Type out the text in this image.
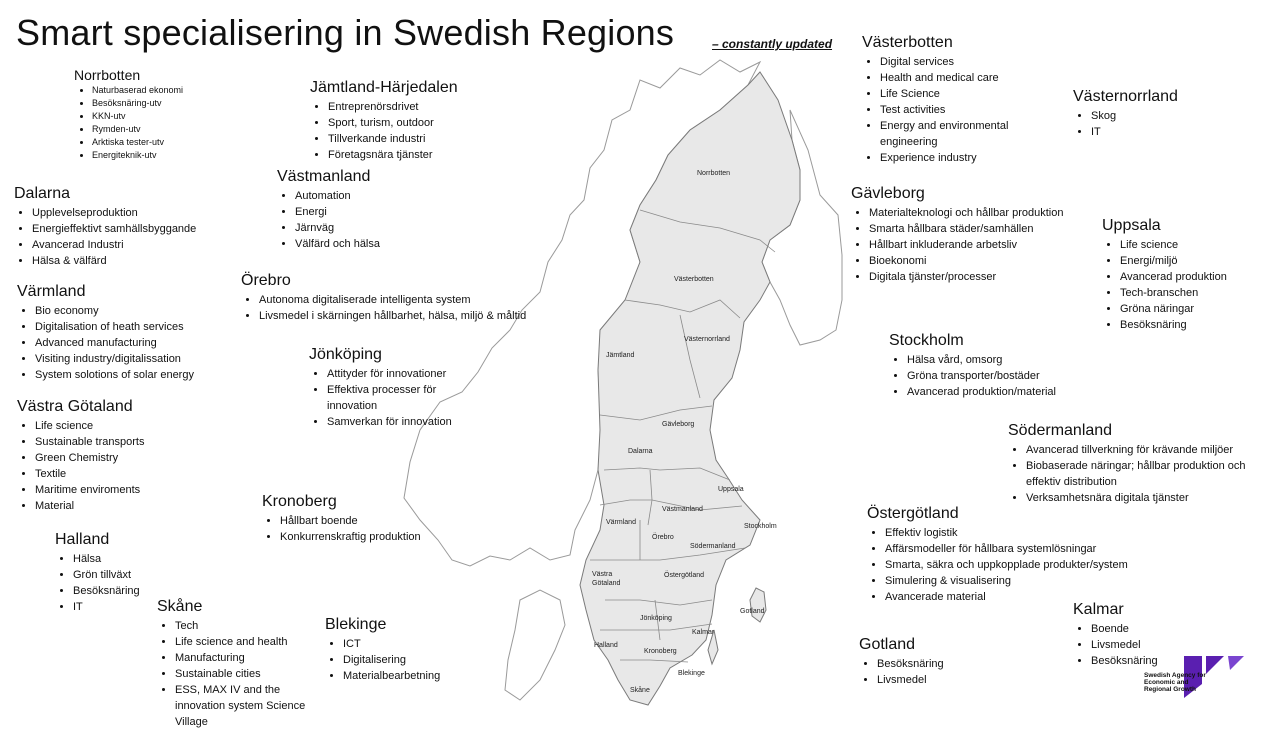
Norrbotten
Västerbotten
Västernorrland
Jämtland
Gävleborg
Dalarna
Uppsala
Värmland
Västmanland
Stockholm
Örebro
Södermanland
Västra Götaland
Östergötland
Gotland
Jönköping
Kalmar
Halland
Kronoberg
Blekinge
Skåne
Smart specialisering in Swedish Regions	– constantly updated
Norrbotten
• Naturbaserad ekonomi
• Besöksnäring-utv
• KKN-utv
• Rymden-utv
• Arktiska tester-utv
• Energiteknik-utv
Jämtland-Härjedalen
• Entreprenörsdrivet
• Sport, turism, outdoor
• Tillverkande industri
• Företagsnära tjänster
Dalarna
• Upplevelseproduktion
• Energieffektivt samhällsbyggande
• Avancerad Industri
• Hälsa & välfärd
Västmanland
• Automation
• Energi
• Järnväg
• Välfärd och hälsa
Örebro
• Autonoma digitaliserade intelligenta system
• Livsmedel i skärningen hållbarhet, hälsa, miljö & måltid
Värmland
• Bio economy
• Digitalisation of heath services
• Advanced manufacturing
• Visiting industry/digitalissation
• System solotions of solar energy
Jönköping
• Attityder för innovationer
• Effektiva processer för innovation
• Samverkan för innovation
Västra Götaland
• Life science
• Sustainable transports
• Green Chemistry
• Textile
• Maritime enviroments
• Material	Kronoberg
• Hållbart boende
• Konkurrenskraftig produktion
Halland
• Hälsa
• Grön tillväxt
• Besöksnäring
• IT	Skåne
• Tech
• Life science and health
• Manufacturing
• Sustainable cities
• ESS, MAX IV and the innovation system Science Village
Blekinge
• ICT
• Digitalisering
• Materialbearbetning
Västerbotten
• Digital services
• Health and medical care
• Life Science
• Test activities
• Energy and environmental engineering
• Experience industry
Västernorrland
• Skog
• IT
Gävleborg
• Materialteknologi och hållbar produktion
• Smarta hållbara städer/samhällen
• Hållbart inkluderande arbetsliv
• Bioekonomi
• Digitala tjänster/processer
Uppsala
• Life science
• Energi/miljö
• Avancerad produktion
• Tech-branschen
• Gröna näringar
• Besöksnäring
Stockholm
• Hälsa vård, omsorg
• Gröna transporter/bostäder
• Avancerad produktion/material
Södermanland
• Avancerad tillverkning för krävande miljöer
• Biobaserade näringar; hållbar produktion och effektiv distribution
• Verksamhetsnära digitala tjänster
Östergötland
• Effektiv logistik
• Affärsmodeller för hållbara systemlösningar
• Smarta, säkra och uppkopplade produkter/system
• Simulering & visualisering
• Avancerade material
Gotland
• Besöksnäring
• Livsmedel
Kalmar
• Boende
• Livsmedel
• Besöksnäring
Swedish Agency for Economic and Regional Growth
